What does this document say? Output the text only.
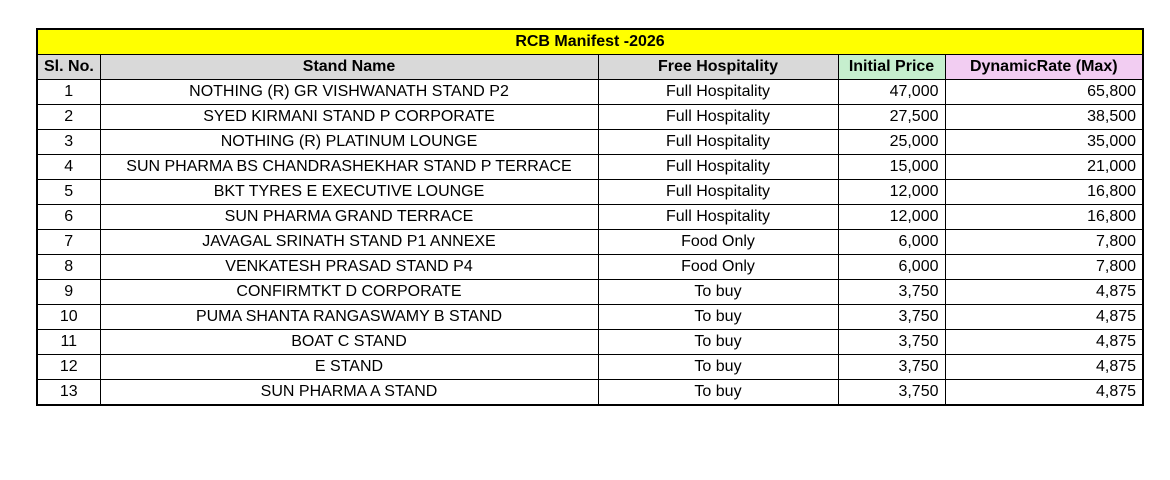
RCB Manifest -2026				
Sl. No.	Stand Name	Free Hospitality	Initial Price	DynamicRate (Max)
1	NOTHING (R) GR VISHWANATH STAND P2	Full Hospitality	47,000	65,800
2	SYED KIRMANI STAND P CORPORATE	Full Hospitality	27,500	38,500
3	NOTHING (R) PLATINUM LOUNGE	Full Hospitality	25,000	35,000
4	SUN PHARMA BS CHANDRASHEKHAR STAND P TERRACE	Full Hospitality	15,000	21,000
5	BKT TYRES E EXECUTIVE LOUNGE	Full Hospitality	12,000	16,800
6	SUN PHARMA GRAND TERRACE	Full Hospitality	12,000	16,800
7	JAVAGAL SRINATH STAND P1 ANNEXE	Food Only	6,000	7,800
8	VENKATESH PRASAD STAND P4	Food Only	6,000	7,800
9	CONFIRMTKT D CORPORATE	To buy	3,750	4,875
10	PUMA SHANTA RANGASWAMY B STAND	To buy	3,750	4,875
11	BOAT C STAND	To buy	3,750	4,875
12	E STAND	To buy	3,750	4,875
13	SUN PHARMA A STAND	To buy	3,750	4,875
